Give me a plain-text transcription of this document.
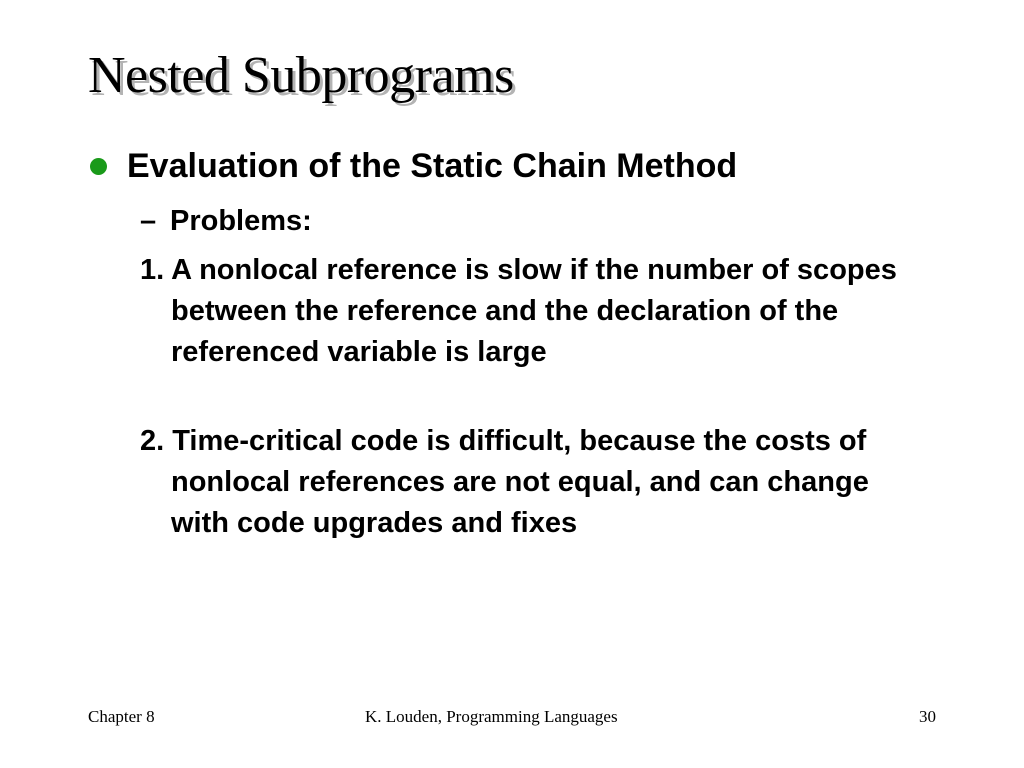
Nested Subprograms
Evaluation of the Static Chain Method
– Problems:
1. A nonlocal reference is slow if the number of scopes between the reference and the declaration of the referenced variable is large
2. Time-critical code is difficult, because the costs of nonlocal references are not equal, and can change with code upgrades and fixes
Chapter 8	K. Louden, Programming Languages	30
